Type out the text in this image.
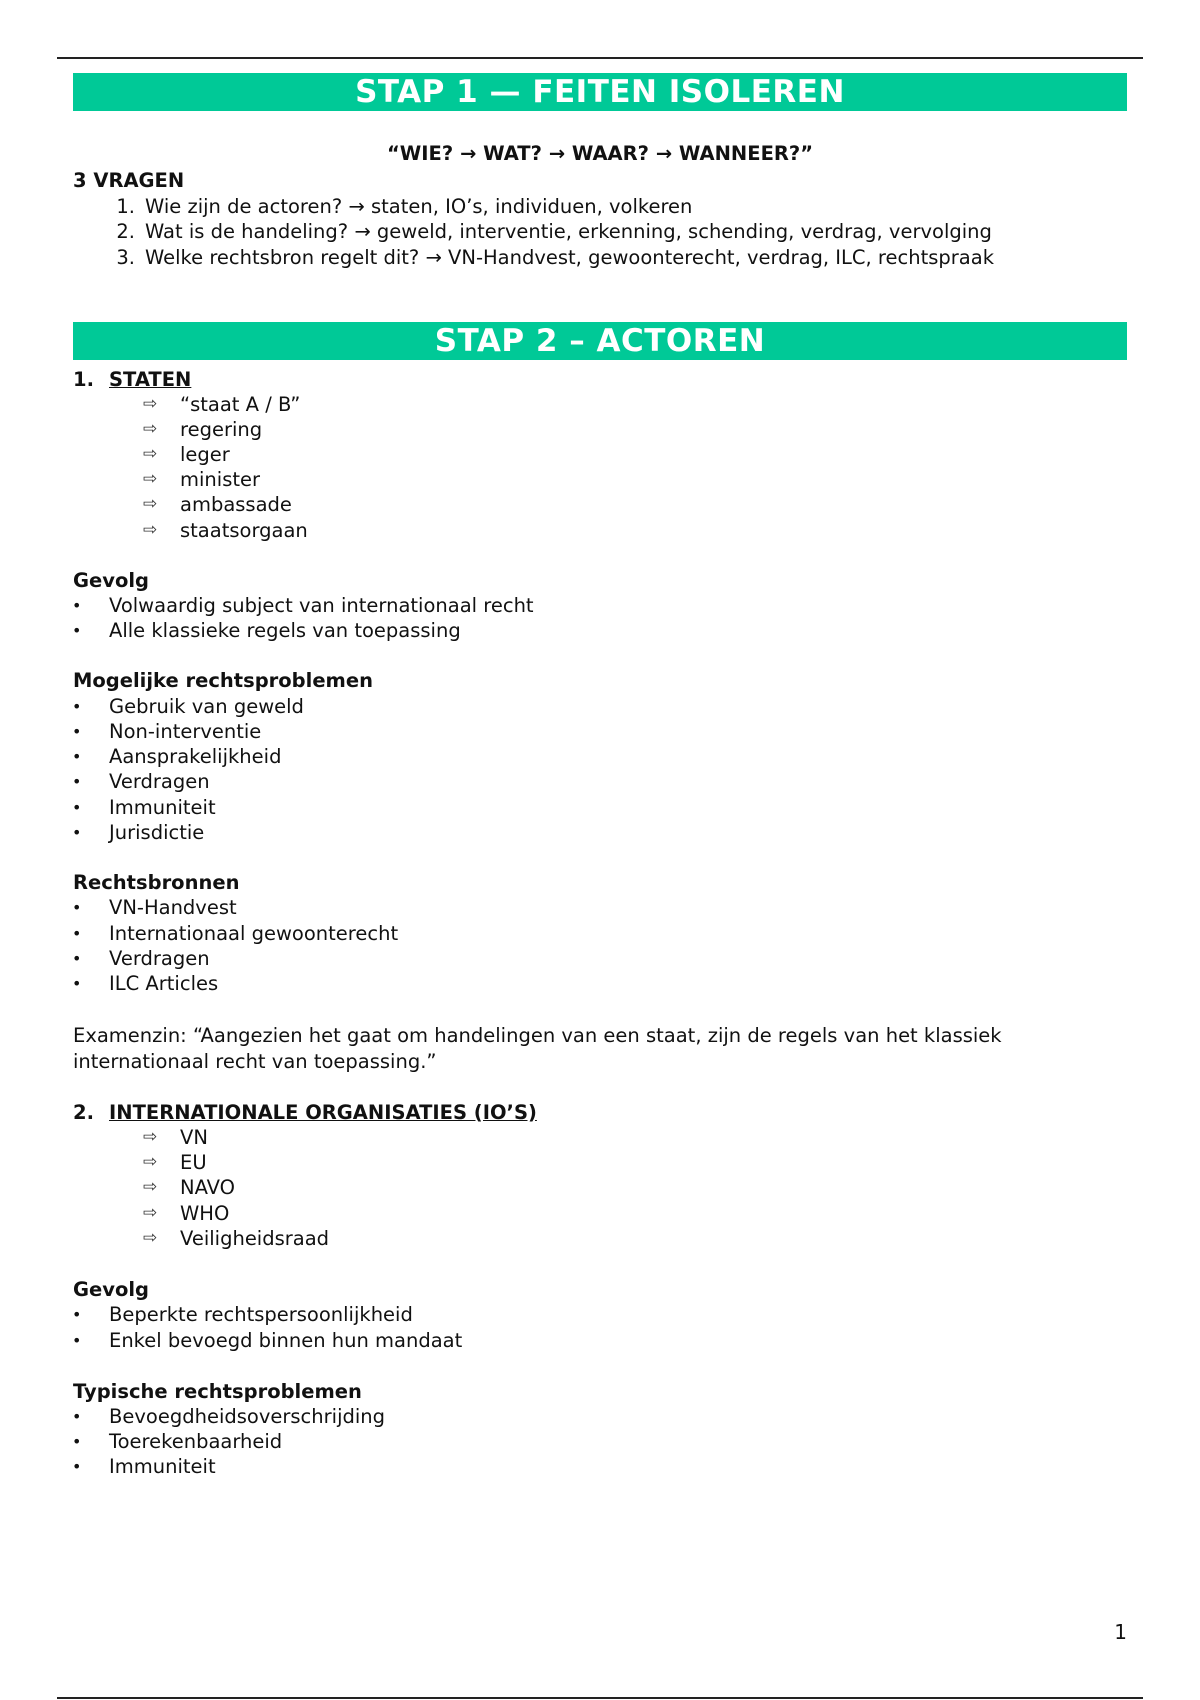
STAP 1 — FEITEN ISOLEREN
“WIE? → WAT? → WAAR? → WANNEER?”
3 VRAGEN
1. Wie zijn de actoren? → staten, IO’s, individuen, volkeren
2. Wat is de handeling? → geweld, interventie, erkenning, schending, verdrag, vervolging
3. Welke rechtsbron regelt dit? → VN-Handvest, gewoonterecht, verdrag, ILC, rechtspraak
STAP 2 – ACTOREN
1. STATEN
⇨ “staat A / B”
⇨ regering
⇨ leger
⇨ minister
⇨ ambassade
⇨ staatsorgaan
Gevolg
• Volwaardig subject van internationaal recht
• Alle klassieke regels van toepassing
Mogelijke rechtsproblemen
• Gebruik van geweld
• Non-interventie
• Aansprakelijkheid
• Verdragen
• Immuniteit
• Jurisdictie
Rechtsbronnen
• VN-Handvest
• Internationaal gewoonterecht
• Verdragen
• ILC Articles
Examenzin: “Aangezien het gaat om handelingen van een staat, zijn de regels van het klassiek
internationaal recht van toepassing.”
2. INTERNATIONALE ORGANISATIES (IO’S)
⇨ VN
⇨ EU
⇨ NAVO
⇨ WHO
⇨ Veiligheidsraad
Gevolg
• Beperkte rechtspersoonlijkheid
• Enkel bevoegd binnen hun mandaat
Typische rechtsproblemen
• Bevoegdheidsoverschrijding
• Toerekenbaarheid
• Immuniteit
1
